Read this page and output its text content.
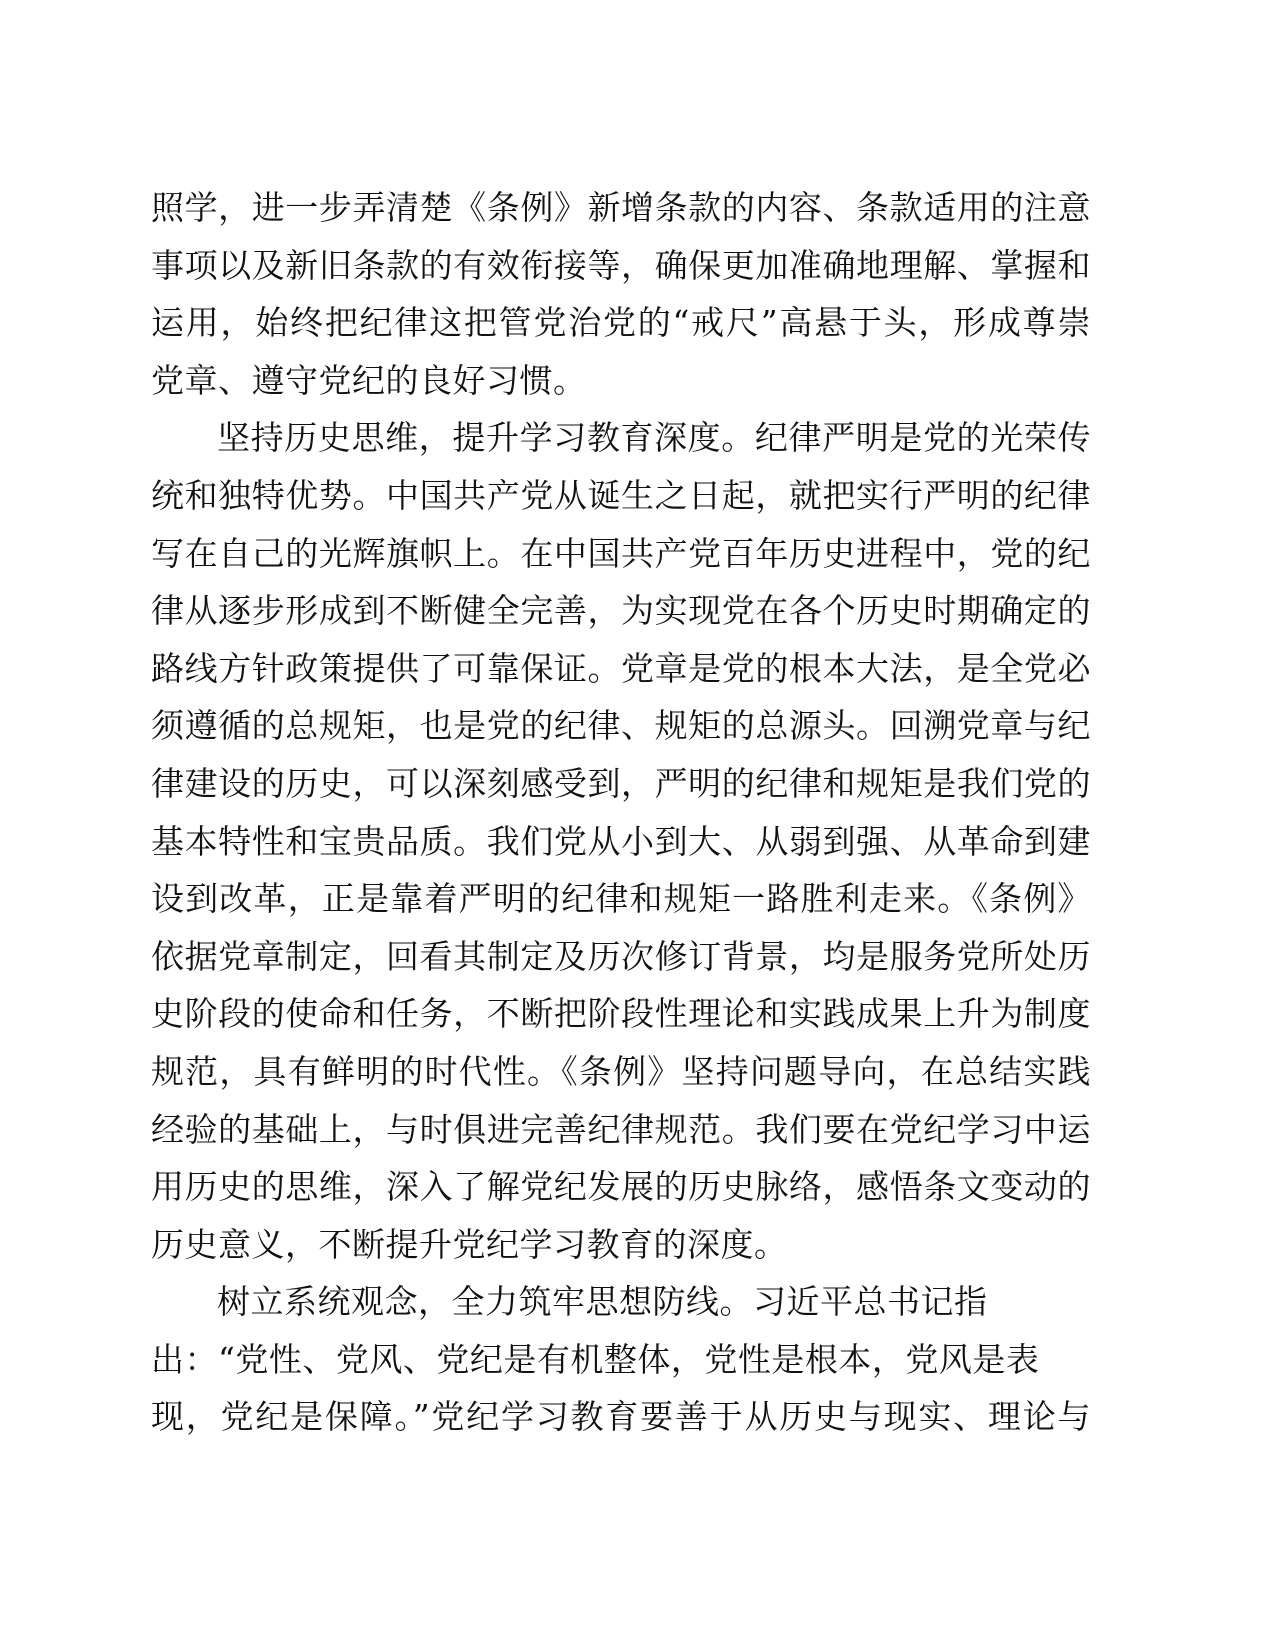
照学，进一步弄清楚《条例》新增条款的内容、条款适用的注意
事项以及新旧条款的有效衔接等，确保更加准确地理解、掌握和
运用，始终把纪律这把管党治党的“戒尺”高悬于头，形成尊崇
党章、遵守党纪的良好习惯。
坚持历史思维，提升学习教育深度。纪律严明是党的光荣传
统和独特优势。中国共产党从诞生之日起，就把实行严明的纪律
写在自己的光辉旗帜上。在中国共产党百年历史进程中，党的纪
律从逐步形成到不断健全完善，为实现党在各个历史时期确定的
路线方针政策提供了可靠保证。党章是党的根本大法，是全党必
须遵循的总规矩，也是党的纪律、规矩的总源头。回溯党章与纪
律建设的历史，可以深刻感受到，严明的纪律和规矩是我们党的
基本特性和宝贵品质。我们党从小到大、从弱到强、从革命到建
设到改革，正是靠着严明的纪律和规矩一路胜利走来。《条例》
依据党章制定，回看其制定及历次修订背景，均是服务党所处历
史阶段的使命和任务，不断把阶段性理论和实践成果上升为制度
规范，具有鲜明的时代性。《条例》坚持问题导向，在总结实践
经验的基础上，与时俱进完善纪律规范。我们要在党纪学习中运
用历史的思维，深入了解党纪发展的历史脉络，感悟条文变动的
历史意义，不断提升党纪学习教育的深度。
树立系统观念，全力筑牢思想防线。习近平总书记指
出：“党性、党风、党纪是有机整体，党性是根本，党风是表
现，党纪是保障。”党纪学习教育要善于从历史与现实、理论与
